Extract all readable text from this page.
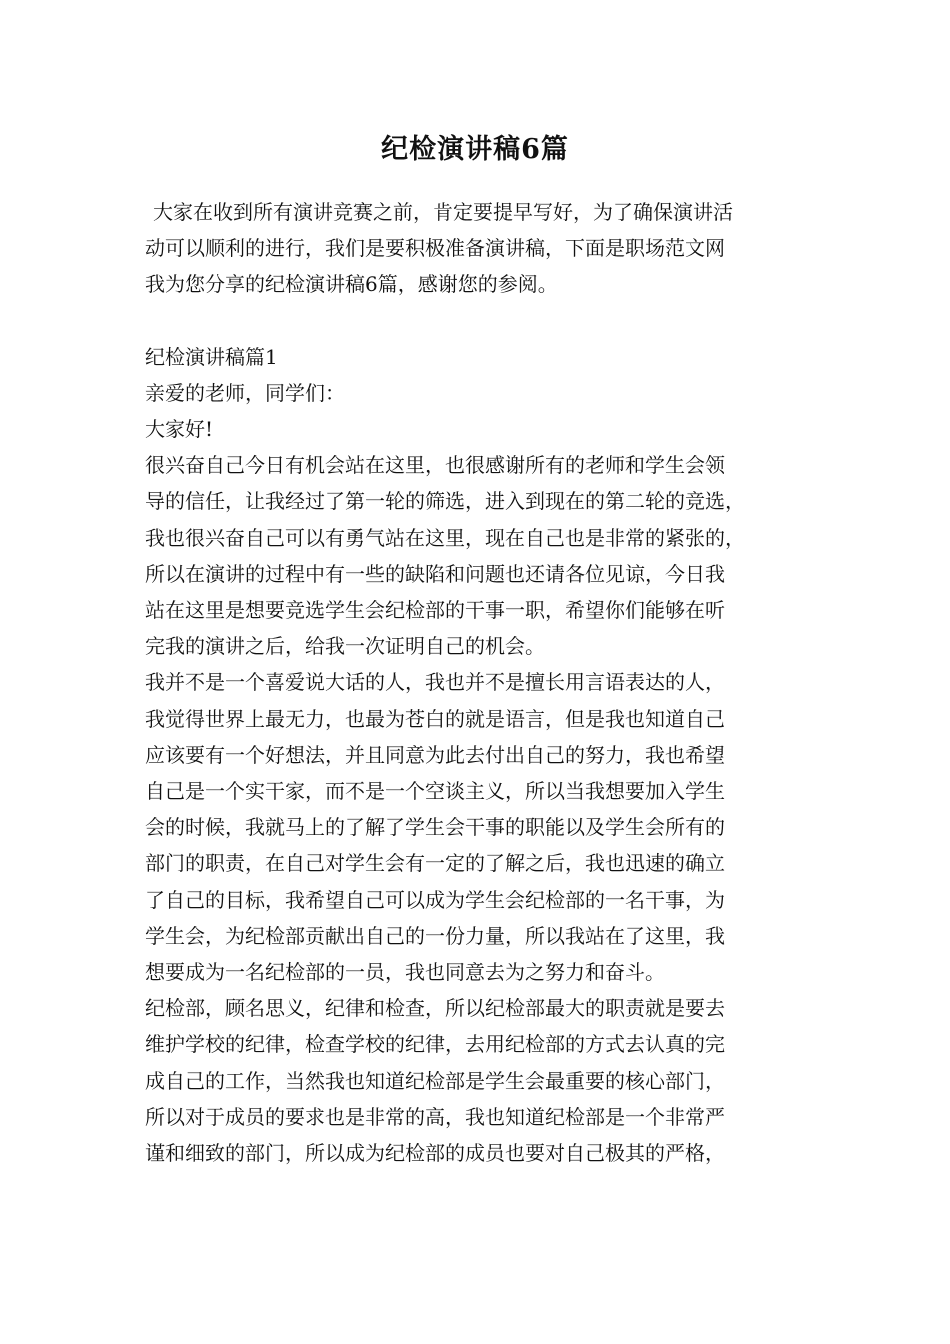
纪检演讲稿6篇

大家在收到所有演讲竞赛之前，肯定要提早写好，为了确保演讲活
动可以顺利的进行，我们是要积极准备演讲稿，下面是职场范文网
我为您分享的纪检演讲稿6篇，感谢您的参阅。

纪检演讲稿篇1

亲爱的老师，同学们：

大家好!

很兴奋自己今日有机会站在这里，也很感谢所有的老师和学生会领
导的信任，让我经过了第一轮的筛选，进入到现在的第二轮的竞选，
我也很兴奋自己可以有勇气站在这里，现在自己也是非常的紧张的，
所以在演讲的过程中有一些的缺陷和问题也还请各位见谅，今日我
站在这里是想要竞选学生会纪检部的干事一职，希望你们能够在听
完我的演讲之后，给我一次证明自己的机会。

我并不是一个喜爱说大话的人，我也并不是擅长用言语表达的人，
我觉得世界上最无力，也最为苍白的就是语言，但是我也知道自己
应该要有一个好想法，并且同意为此去付出自己的努力，我也希望
自己是一个实干家，而不是一个空谈主义，所以当我想要加入学生
会的时候，我就马上的了解了学生会干事的职能以及学生会所有的
部门的职责，在自己对学生会有一定的了解之后，我也迅速的确立
了自己的目标，我希望自己可以成为学生会纪检部的一名干事，为
学生会，为纪检部贡献出自己的一份力量，所以我站在了这里，我
想要成为一名纪检部的一员，我也同意去为之努力和奋斗。

纪检部，顾名思义，纪律和检查，所以纪检部最大的职责就是要去
维护学校的纪律，检查学校的纪律，去用纪检部的方式去认真的完
成自己的工作，当然我也知道纪检部是学生会最重要的核心部门，
所以对于成员的要求也是非常的高，我也知道纪检部是一个非常严
谨和细致的部门，所以成为纪检部的成员也要对自己极其的严格，
